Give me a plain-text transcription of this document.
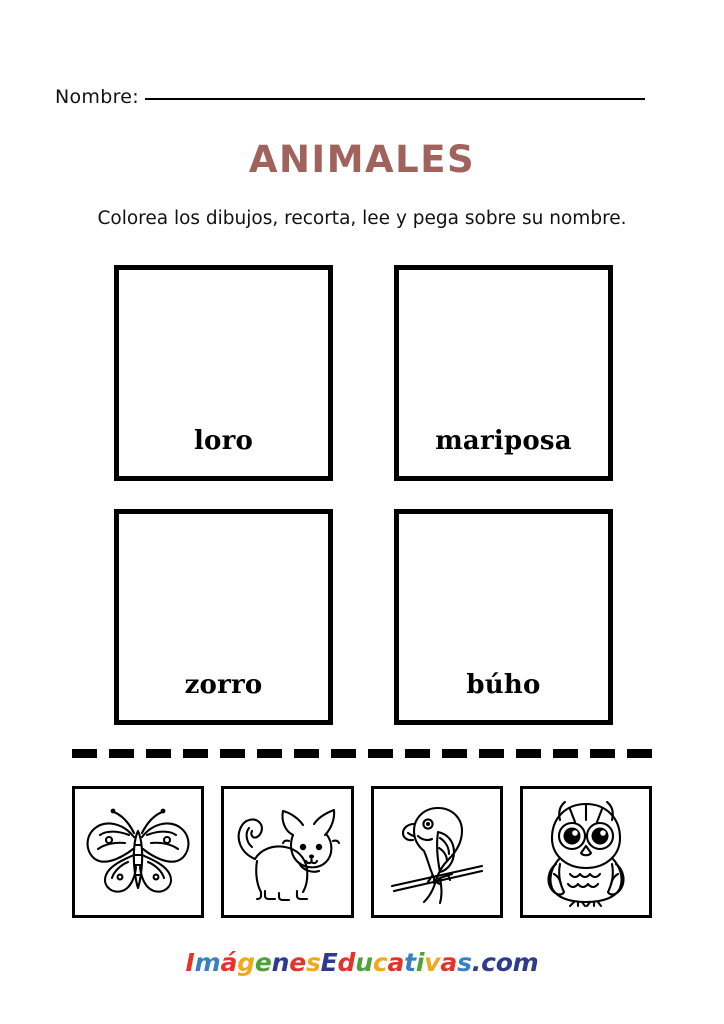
Nombre:
ANIMALES
Colorea los dibujos, recorta, lee y pega sobre su nombre.
loro	mariposa
zorro	búho
ImágenesEducativas.com
